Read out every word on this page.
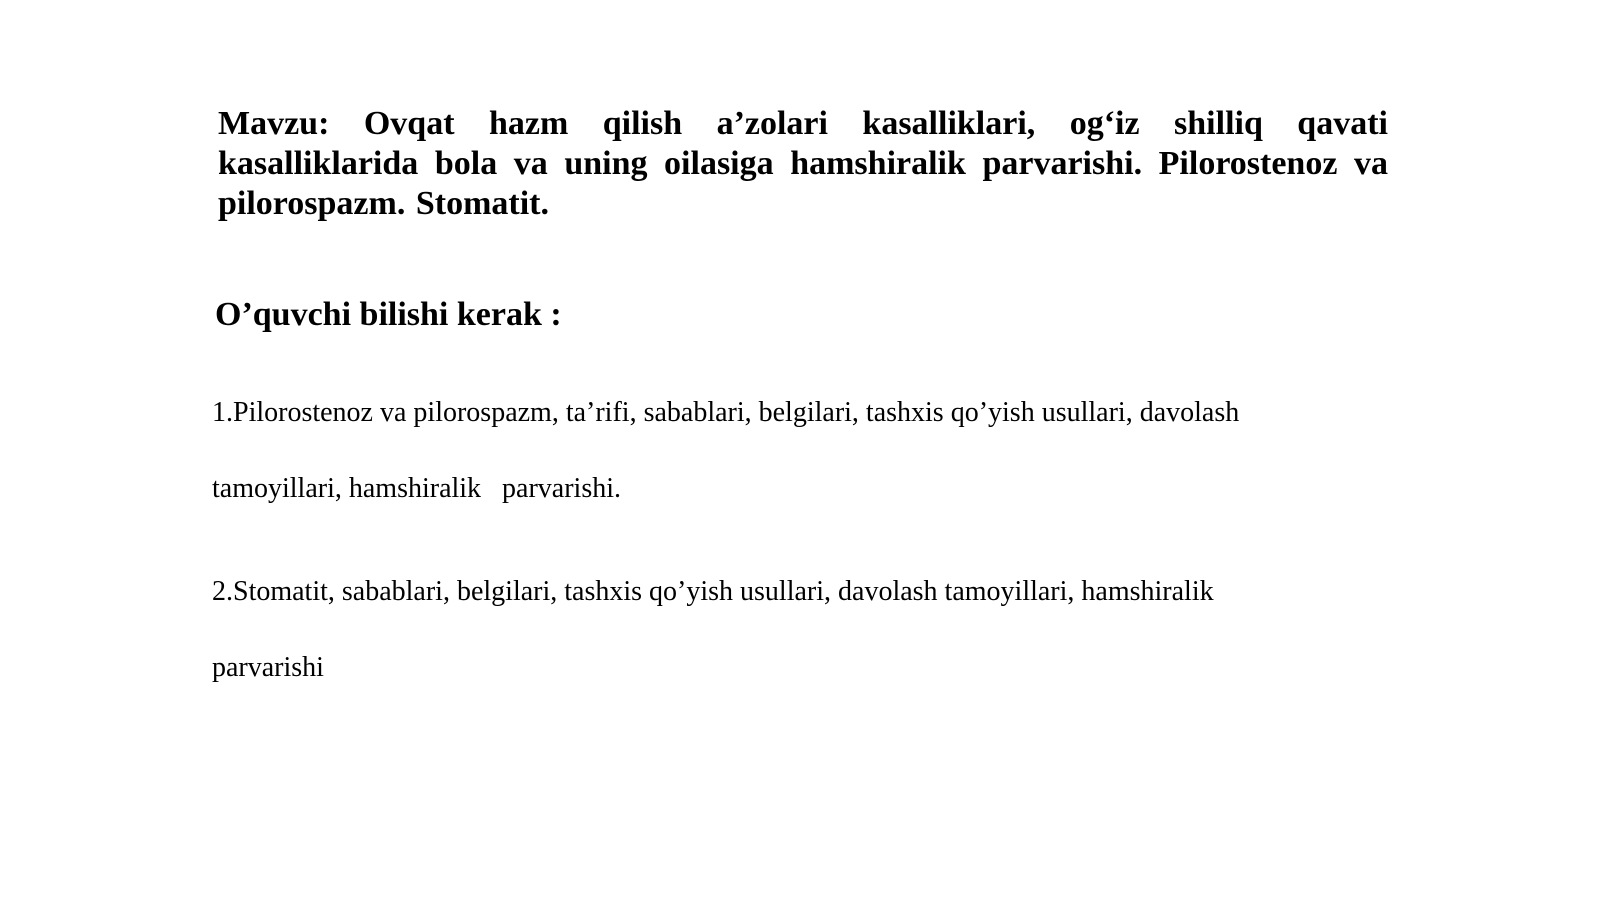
Mavzu: Ovqat hazm qilish a’zolari kasalliklari, og‘iz shilliq qavati kasalliklarida bola va uning oilasiga hamshiralik parvarishi. Pilorostenoz va pilorospazm. Stomatit.

O’quvchi bilishi kerak :

1.Pilorostenoz va pilorospazm, ta’rifi, sabablari, belgilari, tashxis qo’yish usullari, davolash
tamoyillari, hamshiralik   parvarishi.
2.Stomatit, sabablari, belgilari, tashxis qo’yish usullari, davolash tamoyillari, hamshiralik
parvarishi
